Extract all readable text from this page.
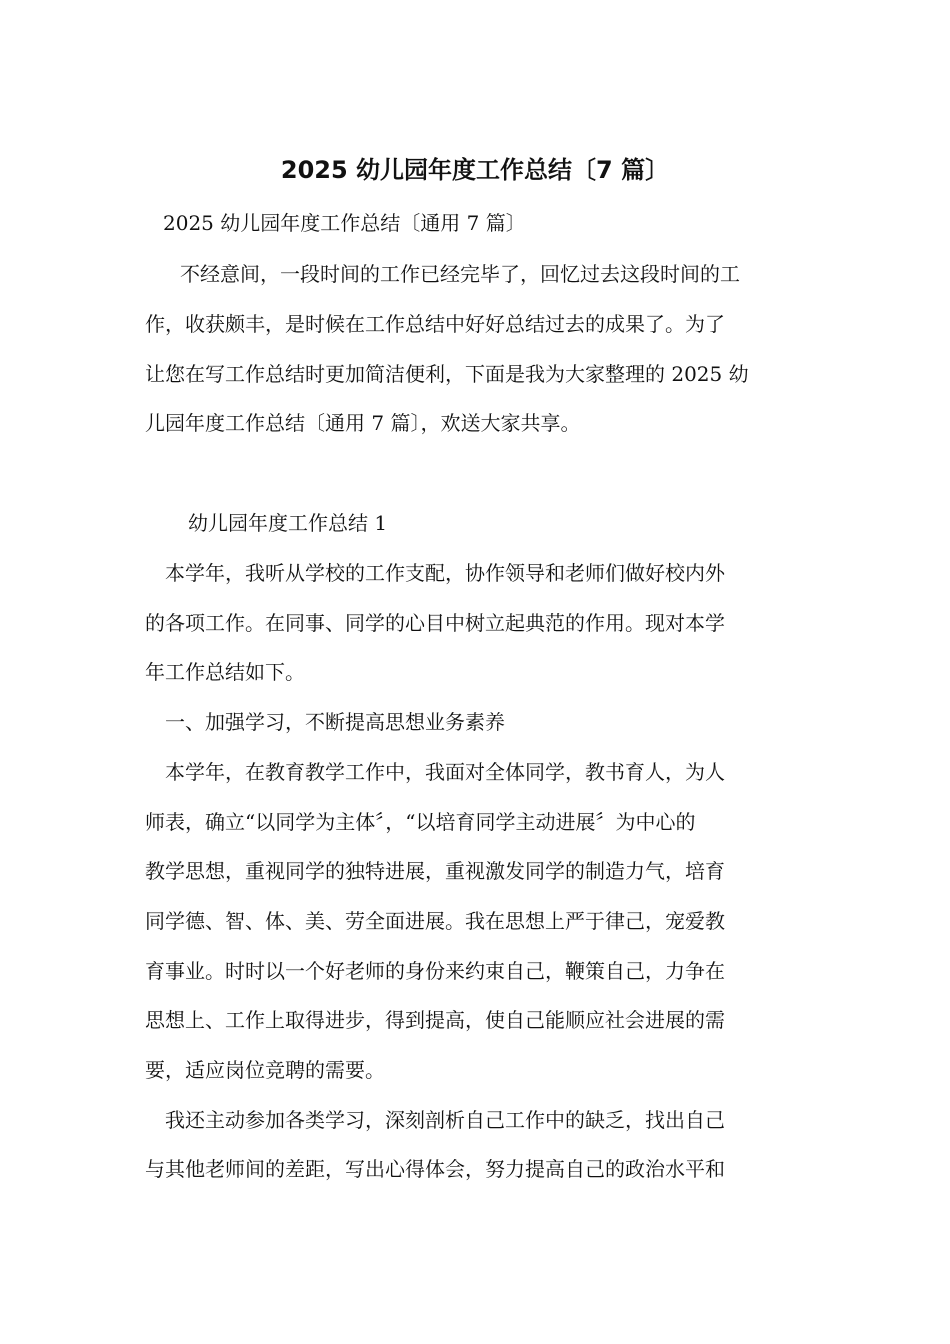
2025 幼儿园年度工作总结〔7 篇〕
2025 幼儿园年度工作总结〔通用 7 篇〕
不经意间，一段时间的工作已经完毕了，回忆过去这段时间的工
作，收获颇丰，是时候在工作总结中好好总结过去的成果了。为了
让您在写工作总结时更加简洁便利，下面是我为大家整理的 2025 幼
儿园年度工作总结〔通用 7 篇〕，欢送大家共享。
幼儿园年度工作总结 1
本学年，我听从学校的工作支配，协作领导和老师们做好校内外
的各项工作。在同事、同学的心目中树立起典范的作用。现对本学
年工作总结如下。
一、加强学习，不断提高思想业务素养
本学年，在教育教学工作中，我面对全体同学，教书育人，为人
师表，确立“以同学为主体〞，“以培育同学主动进展〞为中心的
教学思想，重视同学的独特进展，重视激发同学的制造力气，培育
同学德、智、体、美、劳全面进展。我在思想上严于律己，宠爱教
育事业。时时以一个好老师的身份来约束自己，鞭策自己，力争在
思想上、工作上取得进步，得到提高，使自己能顺应社会进展的需
要，适应岗位竞聘的需要。
我还主动参加各类学习，深刻剖析自己工作中的缺乏，找出自己
与其他老师间的差距，写出心得体会，努力提高自己的政治水平和
